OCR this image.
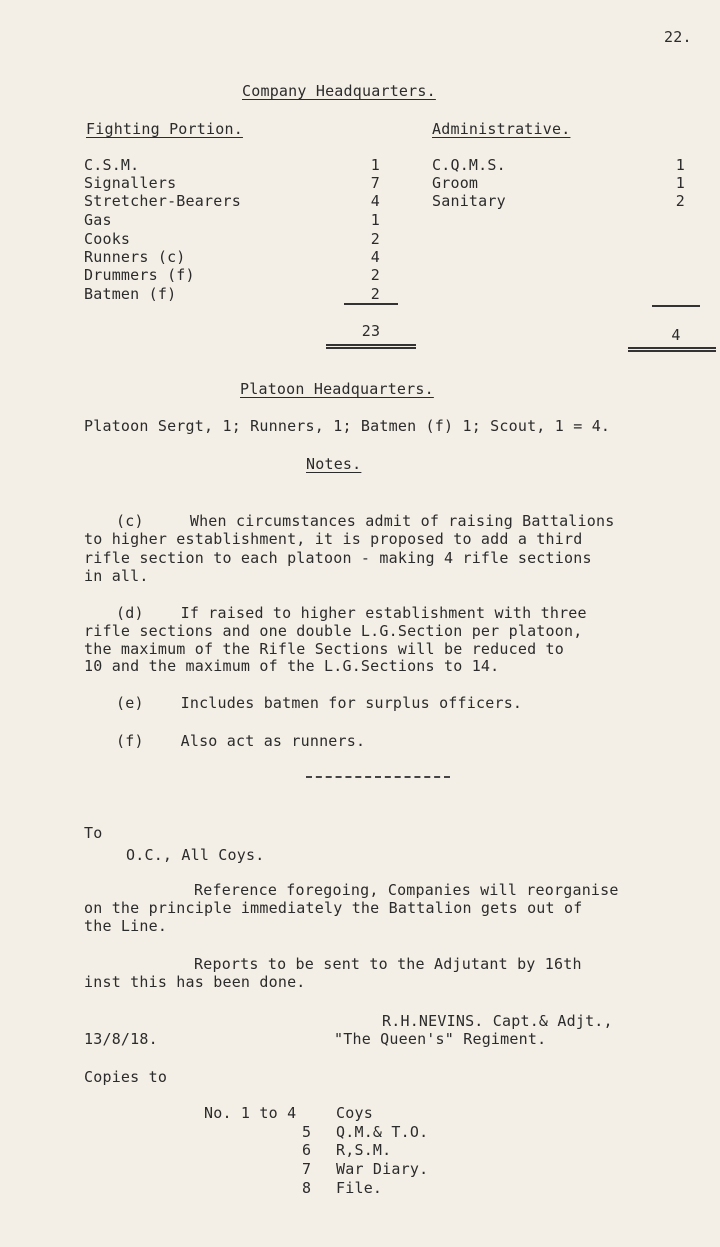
22.
Company Headquarters.
Fighting Portion.	Administrative.
C.S.M.	1
Signallers	7
Stretcher-Bearers	4
Gas	1
Cooks	2
Runners (c)	4
Drummers (f)	2
Batmen (f)	2
23
C.Q.M.S.	1
Groom	1
Sanitary	2
4
Platoon Headquarters.
Platoon Sergt, 1; Runners, 1; Batmen (f) 1; Scout, 1 = 4.
Notes.
(c)     When circumstances admit of raising Battalions
to higher establishment, it is proposed to add a third
rifle section to each platoon - making 4 rifle sections
in all.
(d)    If raised to higher establishment with three
rifle sections and one double L.G.Section per platoon,
the maximum of the Rifle Sections will be reduced to
10 and the maximum of the L.G.Sections to 14.
(e)    Includes batmen for surplus officers.
(f)    Also act as runners.
To
O.C., All Coys.
Reference foregoing, Companies will reorganise
on the principle immediately the Battalion gets out of
the Line.
Reports to be sent to the Adjutant by 16th
inst this has been done.
R.H.NEVINS. Capt.& Adjt.,
13/8/18.	"The Queen's" Regiment.
Copies to
No. 1 to 4	Coys
5 Q.M.& T.O.
6 R,S.M.
7 War Diary.
8 File.
